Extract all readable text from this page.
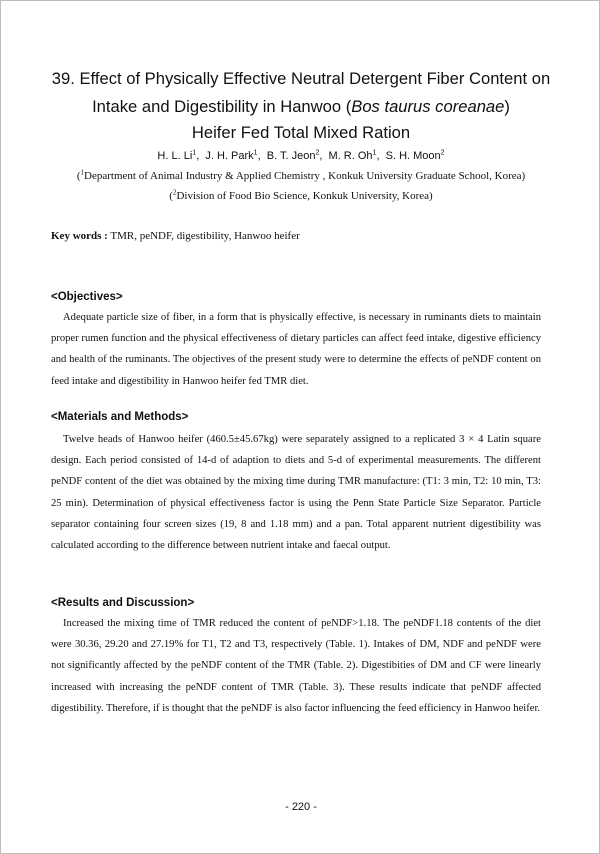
39. Effect of Physically Effective Neutral Detergent Fiber Content on
Intake and Digestibility in Hanwoo (Bos taurus coreanae)
Heifer Fed Total Mixed Ration
H. L. Li$^1$,  J. H. Park$^1$,  B. T. Jeon$^2$,  M. R. Oh$^1$,  S. H. Moon$^2$
($^1$Department of Animal Industry & Applied Chemistry , Konkuk University Graduate School, Korea)
($^2$Division of Food Bio Science, Konkuk University, Korea)
Key words : TMR, peNDF, digestibility, Hanwoo heifer
<Objectives>

Adequate particle size of fiber, in a form that is physically effective, is necessary in ruminants diets to maintain proper rumen function and the physical effectiveness of dietary particles can affect feed intake, digestive efficiency and health of the ruminants. The objectives of the present study were to determine the effects of peNDF content on feed intake and digestibility in Hanwoo heifer fed TMR diet.

<Materials and Methods>

Twelve heads of Hanwoo heifer (460.5±45.67kg) were separately assigned to a replicated 3 × 4 Latin square design. Each period consisted of 14-d of adaption to diets and 5-d of experimental measurements. The different peNDF content of the diet was obtained by the mixing time during TMR manufacture: (T1: 3 min, T2: 10 min, T3: 25 min). Determination of physical effectiveness factor is using the Penn State Particle Size Separator. Particle separator containing four screen sizes (19, 8 and 1.18 mm) and a pan. Total apparent nutrient digestibility was calculated according to the difference between nutrient intake and faecal output.

<Results and Discussion>

Increased the mixing time of TMR reduced the content of peNDF>1.18. The peNDF1.18 contents of the diet were 30.36, 29.20 and 27.19% for T1, T2 and T3, respectively (Table. 1). Intakes of DM, NDF and peNDF were not significantly affected by the peNDF content of the TMR (Table. 2). Digestibities of DM and CF were linearly increased with increasing the peNDF content of TMR (Table. 3). These results indicate that peNDF affected digestibility. Therefore, if is thought that the peNDF is also factor influencing the feed efficiency in Hanwoo heifer.

- 220 -
